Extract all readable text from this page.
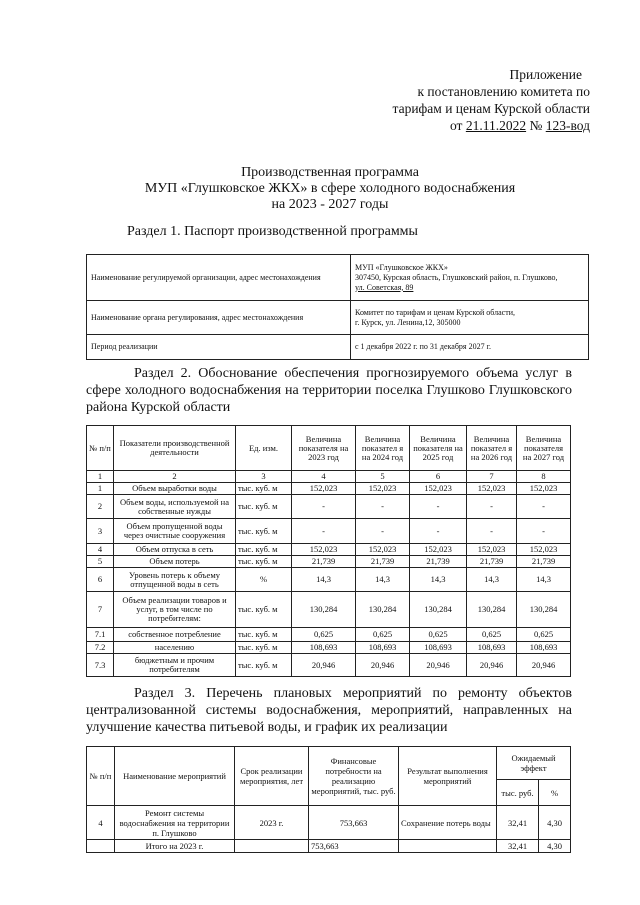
Приложение
к постановлению комитета по
тарифам и ценам Курской области
от 21.11.2022 № 123-вод
Производственная программа
МУП «Глушковское ЖКХ» в сфере холодного водоснабжения
на 2023 - 2027 годы
Раздел 1. Паспорт производственной программы
Наименование регулируемой организации, адрес местонахождения	МУП «Глушковское ЖКХ»
307450, Курская область, Глушковский район, п. Глушково,
ул. Советская, 89

Наименование органа регулирования, адрес местонахождения	Комитет по тарифам и ценам Курской области,
г. Курск, ул. Ленина,12, 305000

Период реализации	с 1 декабря 2022 г. по 31 декабря 2027 г.
Раздел 2. Обоснование обеспечения прогнозируемого объема услуг в сфере холодного водоснабжения на территории поселка Глушково Глушковского района Курской области
№ п/п	Показатели производственной деятельности	Ед. изм.	Величина показателя на 2023 год	Величина показател я на 2024 год	Величина показателя на 2025 год	Величина показател я на 2026 год	Величина показателя на 2027 год
1	2	3	4	5	6	7	8
1	Объем выработки воды	тыс. куб. м	152,023	152,023	152,023	152,023	152,023
2	Объем воды, используемой на собственные нужды	тыс. куб. м	-	-	-	-	-
3	Объем пропущенной воды через очистные сооружения	тыс. куб. м	-	-	-	-	-
4	Объем отпуска в сеть	тыс. куб. м	152,023	152,023	152,023	152,023	152,023
5	Объем потерь	тыс. куб. м	21,739	21,739	21,739	21,739	21,739
6	Уровень потерь к объему отпущенной воды в сеть	%	14,3	14,3	14,3	14,3	14,3
7	Объем реализации товаров и услуг, в том числе по потребителям:	тыс. куб. м	130,284	130,284	130,284	130,284	130,284
7.1	собственное потребление	тыс. куб. м	0,625	0,625	0,625	0,625	0,625
7.2	населению	тыс. куб. м	108,693	108,693	108,693	108,693	108,693
7.3	бюджетным и прочим потребителям	тыс. куб. м	20,946	20,946	20,946	20,946	20,946
Раздел 3. Перечень плановых мероприятий по ремонту объектов централизованной системы водоснабжения, мероприятий, направленных на улучшение качества питьевой воды, и график их реализации
№ п/п	Наименование мероприятий	Срок реализации мероприятия, лет	Финансовые потребности на реализацию мероприятий, тыс. руб.	Результат выполнения мероприятий	Ожидаемый эффект	
					тыс. руб.	%
4	Ремонт системы водоснабжения на территории п. Глушково	2023 г.	753,663	Сохранение потерь воды	32,41	4,30
	Итого на 2023 г.		753,663		32,41	4,30
